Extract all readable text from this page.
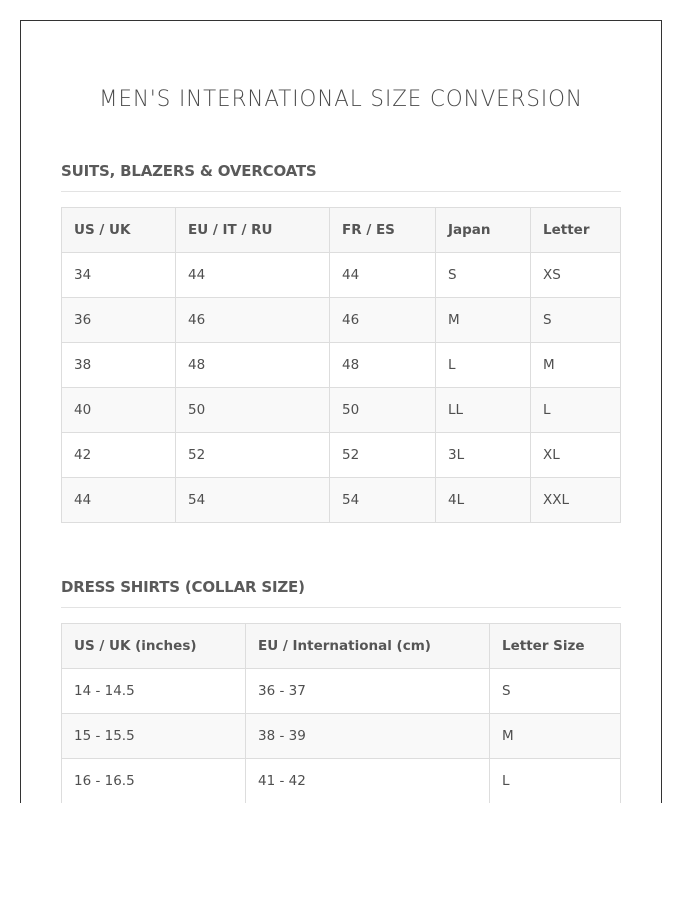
MEN'S INTERNATIONAL SIZE CONVERSION
SUITS, BLAZERS & OVERCOATS
US / UK	EU / IT / RU	FR / ES	Japan	Letter
34	44	44	S	XS
36	46	46	M	S
38	48	48	L	M
40	50	50	LL	L
42	52	52	3L	XL
44	54	54	4L	XXL
DRESS SHIRTS (COLLAR SIZE)
US / UK (inches)	EU / International (cm)	Letter Size
14 - 14.5	36 - 37	S
15 - 15.5	38 - 39	M
16 - 16.5	41 - 42	L
